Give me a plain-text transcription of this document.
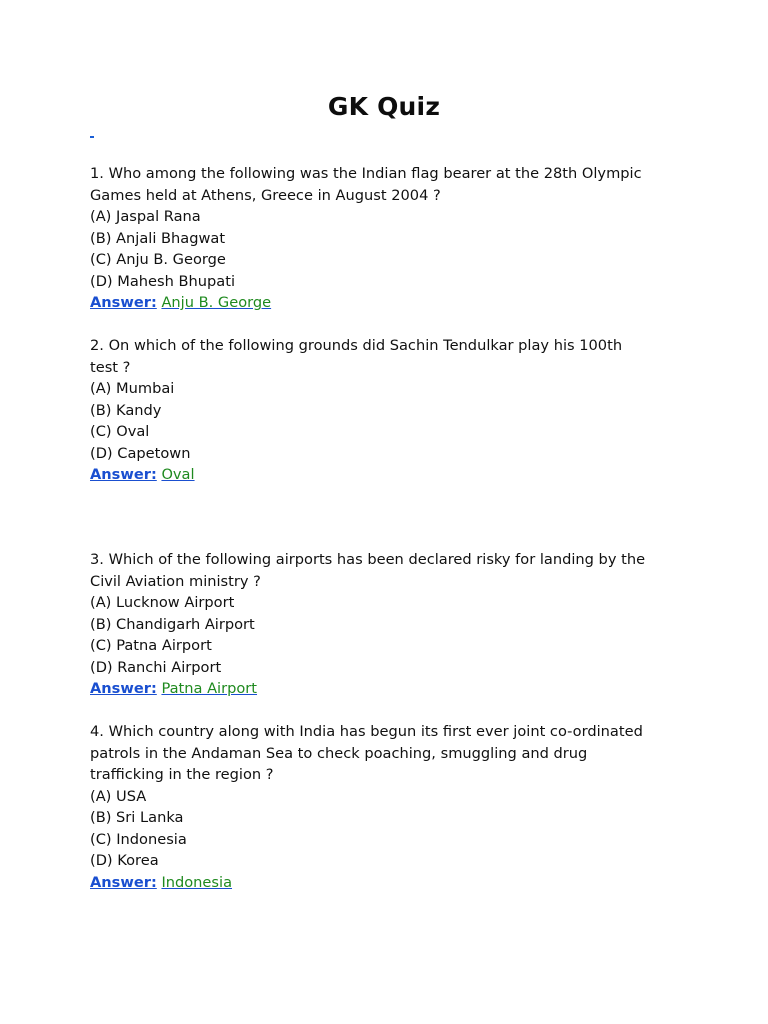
GK Quiz
1. Who among the following was the Indian flag bearer at the 28th Olympic
Games held at Athens, Greece in August 2004 ?
(A) Jaspal Rana
(B) Anjali Bhagwat
(C) Anju B. George
(D) Mahesh Bhupati
Answer: Anju B. George
2. On which of the following grounds did Sachin Tendulkar play his 100th
test ?
(A) Mumbai
(B) Kandy
(C) Oval
(D) Capetown
Answer: Oval
3. Which of the following airports has been declared risky for landing by the
Civil Aviation ministry ?
(A) Lucknow Airport
(B) Chandigarh Airport
(C) Patna Airport
(D) Ranchi Airport
Answer: Patna Airport
4. Which country along with India has begun its first ever joint co-ordinated
patrols in the Andaman Sea to check poaching, smuggling and drug
trafficking in the region ?
(A) USA
(B) Sri Lanka
(C) Indonesia
(D) Korea
Answer: Indonesia
